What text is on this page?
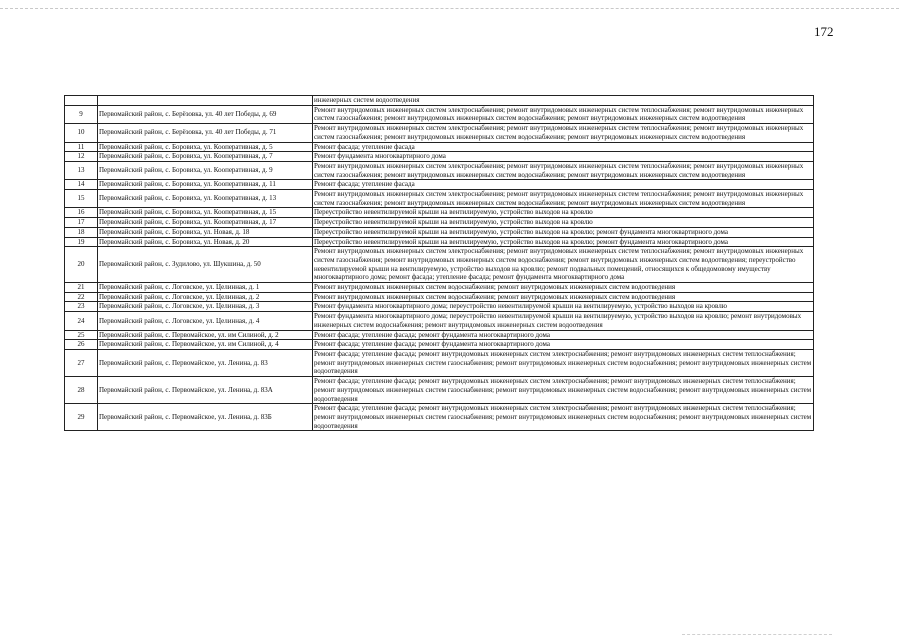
172
		инженерных систем водоотведения
9	Первомайский район, с. Берёзовка, ул. 40 лет Победы, д. 69	Ремонт внутридомовых инженерных систем электроснабжения; ремонт внутридомовых инженерных систем теплоснабжения; ремонт внутридомовых инженерных систем газоснабжения; ремонт внутридомовых инженерных систем водоснабжения; ремонт внутридомовых инженерных систем водоотведения
10	Первомайский район, с. Берёзовка, ул. 40 лет Победы, д. 71	Ремонт внутридомовых инженерных систем электроснабжения; ремонт внутридомовых инженерных систем теплоснабжения; ремонт внутридомовых инженерных систем газоснабжения; ремонт внутридомовых инженерных систем водоснабжения; ремонт внутридомовых инженерных систем водоотведения
11	Первомайский район, с. Боровиха, ул. Кооперативная, д. 5	Ремонт фасада; утепление фасада
12	Первомайский район, с. Боровиха, ул. Кооперативная, д. 7	Ремонт фундамента многоквартирного дома
13	Первомайский район, с. Боровиха, ул. Кооперативная, д. 9	Ремонт внутридомовых инженерных систем электроснабжения; ремонт внутридомовых инженерных систем теплоснабжения; ремонт внутридомовых инженерных систем газоснабжения; ремонт внутридомовых инженерных систем водоснабжения; ремонт внутридомовых инженерных систем водоотведения
14	Первомайский район, с. Боровиха, ул. Кооперативная, д. 11	Ремонт фасада; утепление фасада
15	Первомайский район, с. Боровиха, ул. Кооперативная, д. 13	Ремонт внутридомовых инженерных систем электроснабжения; ремонт внутридомовых инженерных систем теплоснабжения; ремонт внутридомовых инженерных систем газоснабжения; ремонт внутридомовых инженерных систем водоснабжения; ремонт внутридомовых инженерных систем водоотведения
16	Первомайский район, с. Боровиха, ул. Кооперативная, д. 15	Переустройство невентилируемой крыши на вентилируемую, устройство выходов на кровлю
17	Первомайский район, с. Боровиха, ул. Кооперативная, д. 17	Переустройство невентилируемой крыши на вентилируемую, устройство выходов на кровлю
18	Первомайский район, с. Боровиха, ул. Новая, д. 18	Переустройство невентилируемой крыши на вентилируемую, устройство выходов на кровлю; ремонт фундамента многоквартирного дома
19	Первомайский район, с. Боровиха, ул. Новая, д. 20	Переустройство невентилируемой крыши на вентилируемую, устройство выходов на кровлю; ремонт фундамента многоквартирного дома
20	Первомайский район, с. Зудилово, ул. Шукшина, д. 50	Ремонт внутридомовых инженерных систем электроснабжения; ремонт внутридомовых инженерных систем теплоснабжения; ремонт внутридомовых инженерных систем газоснабжения; ремонт внутридомовых инженерных систем водоснабжения; ремонт внутридомовых инженерных систем водоотведения; переустройство невентилируемой крыши на вентилируемую, устройство выходов на кровлю; ремонт подвальных помещений, относящихся к общедомовому имуществу многоквартирного дома; ремонт фасада; утепление фасада; ремонт фундамента многоквартирного дома
21	Первомайский район, с. Логовское, ул. Целинная, д. 1	Ремонт внутридомовых инженерных систем водоснабжения; ремонт внутридомовых инженерных систем водоотведения
22	Первомайский район, с. Логовское, ул. Целинная, д. 2	Ремонт внутридомовых инженерных систем водоснабжения; ремонт внутридомовых инженерных систем водоотведения
23	Первомайский район, с. Логовское, ул. Целинная, д. 3	Ремонт фундамента многоквартирного дома; переустройство невентилируемой крыши на вентилируемую, устройство выходов на кровлю
24	Первомайский район, с. Логовское, ул. Целинная, д. 4	Ремонт фундамента многоквартирного дома; переустройство невентилируемой крыши на вентилируемую, устройство выходов на кровлю; ремонт внутридомовых инженерных систем водоснабжения; ремонт внутридомовых инженерных систем водоотведения
25	Первомайский район, с. Первомайское, ул. им Силиной, д. 2	Ремонт фасада; утепление фасада; ремонт фундамента многоквартирного дома
26	Первомайский район, с. Первомайское, ул. им Силиной, д. 4	Ремонт фасада; утепление фасада; ремонт фундамента многоквартирного дома
27	Первомайский район, с. Первомайское, ул. Ленина, д. 83	Ремонт фасада; утепление фасада; ремонт внутридомовых инженерных систем электроснабжения; ремонт внутридомовых инженерных систем теплоснабжения; ремонт внутридомовых инженерных систем газоснабжения; ремонт внутридомовых инженерных систем водоснабжения; ремонт внутридомовых инженерных систем водоотведения
28	Первомайский район, с. Первомайское, ул. Ленина, д. 83А	Ремонт фасада; утепление фасада; ремонт внутридомовых инженерных систем электроснабжения; ремонт внутридомовых инженерных систем теплоснабжения; ремонт внутридомовых инженерных систем газоснабжения; ремонт внутридомовых инженерных систем водоснабжения; ремонт внутридомовых инженерных систем водоотведения
29	Первомайский район, с. Первомайское, ул. Ленина, д. 83Б	Ремонт фасада; утепление фасада; ремонт внутридомовых инженерных систем электроснабжения; ремонт внутридомовых инженерных систем теплоснабжения; ремонт внутридомовых инженерных систем газоснабжения; ремонт внутридомовых инженерных систем водоснабжения; ремонт внутридомовых инженерных систем водоотведения
